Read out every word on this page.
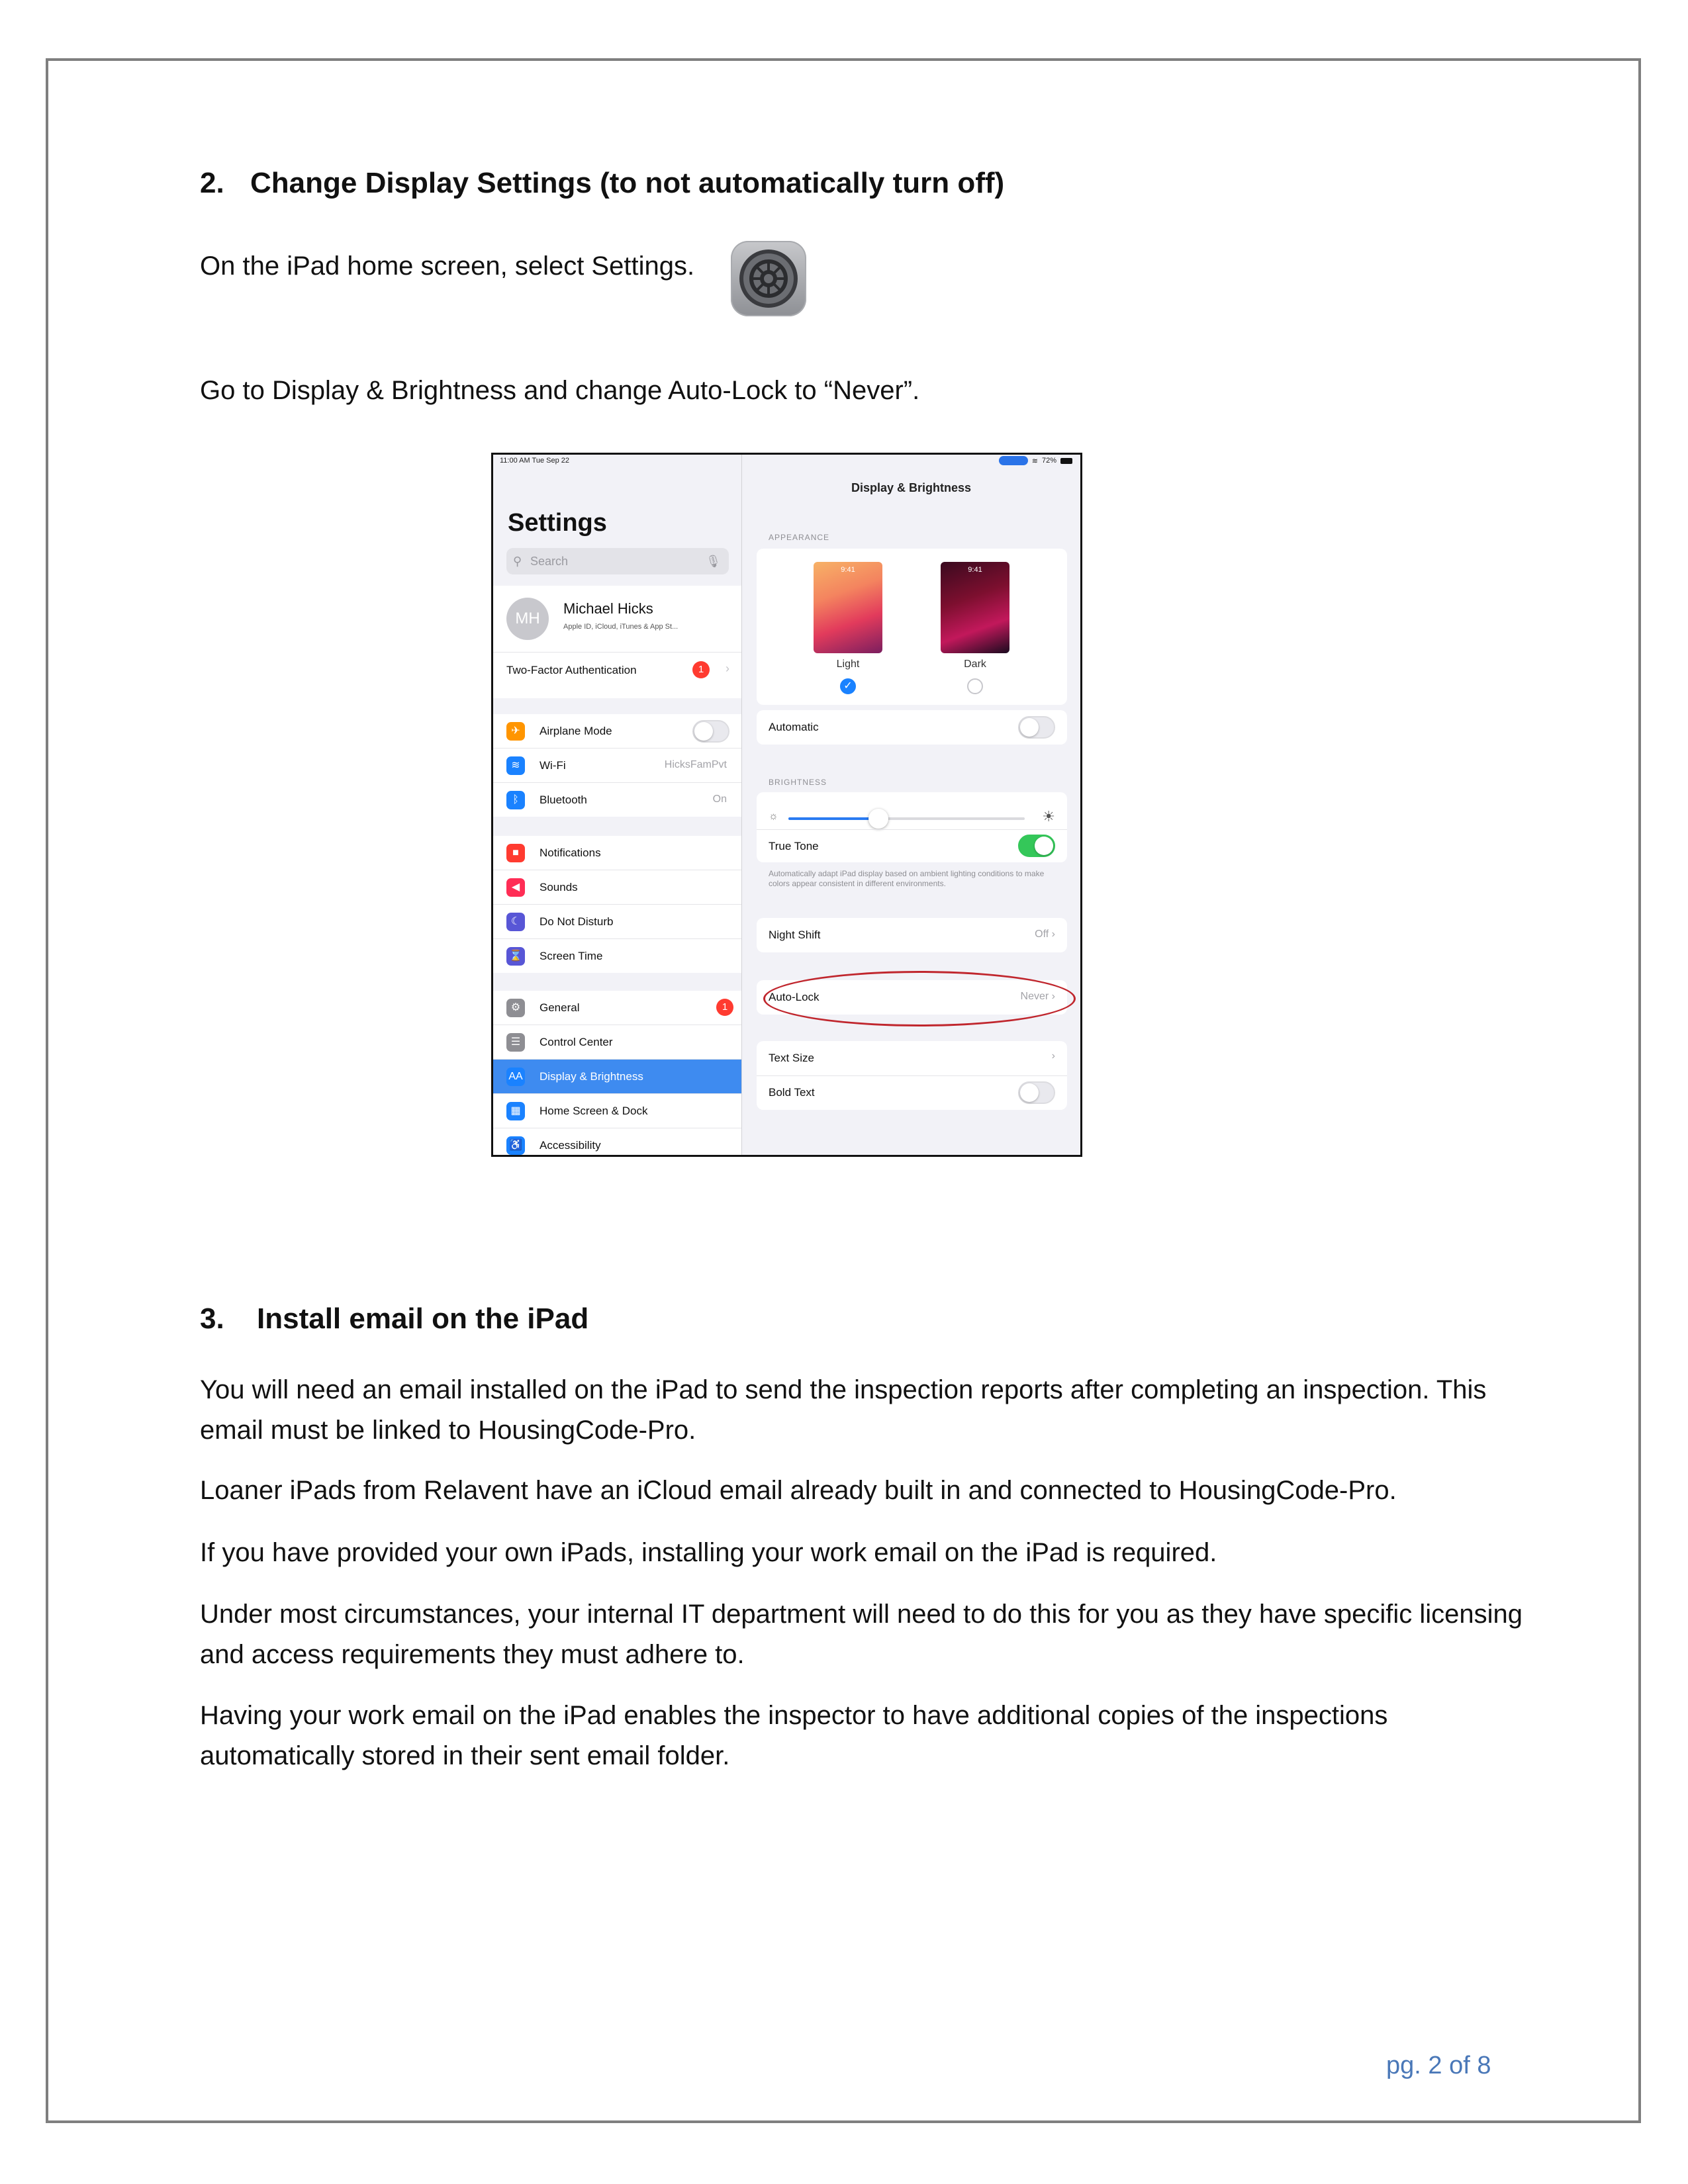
2. Change Display Settings (to not automatically turn off)
On the iPad home screen, select Settings.
Go to Display & Brightness and change Auto-Lock to “Never”.
11:00 AM Tue Sep 22
Settings
⚲ Search	🎙
MH
Michael Hicks
Apple ID, iCloud, iTunes & App St...
Two-Factor Authentication	1	›
✈	Airplane Mode
≋	Wi-Fi	HicksFamPvt
ᛒ	Bluetooth	On
■	Notifications
◀	Sounds
☾	Do Not Disturb
⌛ Screen Time
⚙	General	1
☰	Control Center
AA Display & Brightness
▦	Home Screen & Dock
♿ Accessibility
≋ 72%
Display & Brightness
APPEARANCE
9:41	9:41
Light	Dark
✓
Automatic
BRIGHTNESS
☼	☀
True Tone
Automatically adapt iPad display based on ambient lighting conditions to make colors appear consistent in different environments.
Night Shift	Off ›
Auto-Lock	Never ›
Text Size	›
Bold Text
3. Install email on the iPad
You will need an email installed on the iPad to send the inspection reports after completing an inspection. This email must be linked to HousingCode-Pro.
Loaner iPads from Relavent have an iCloud email already built in and connected to HousingCode-Pro.
If you have provided your own iPads, installing your work email on the iPad is required.
Under most circumstances, your internal IT department will need to do this for you as they have specific licensing and access requirements they must adhere to.
Having your work email on the iPad enables the inspector to have additional copies of the inspections automatically stored in their sent email folder.
pg. 2 of 8
